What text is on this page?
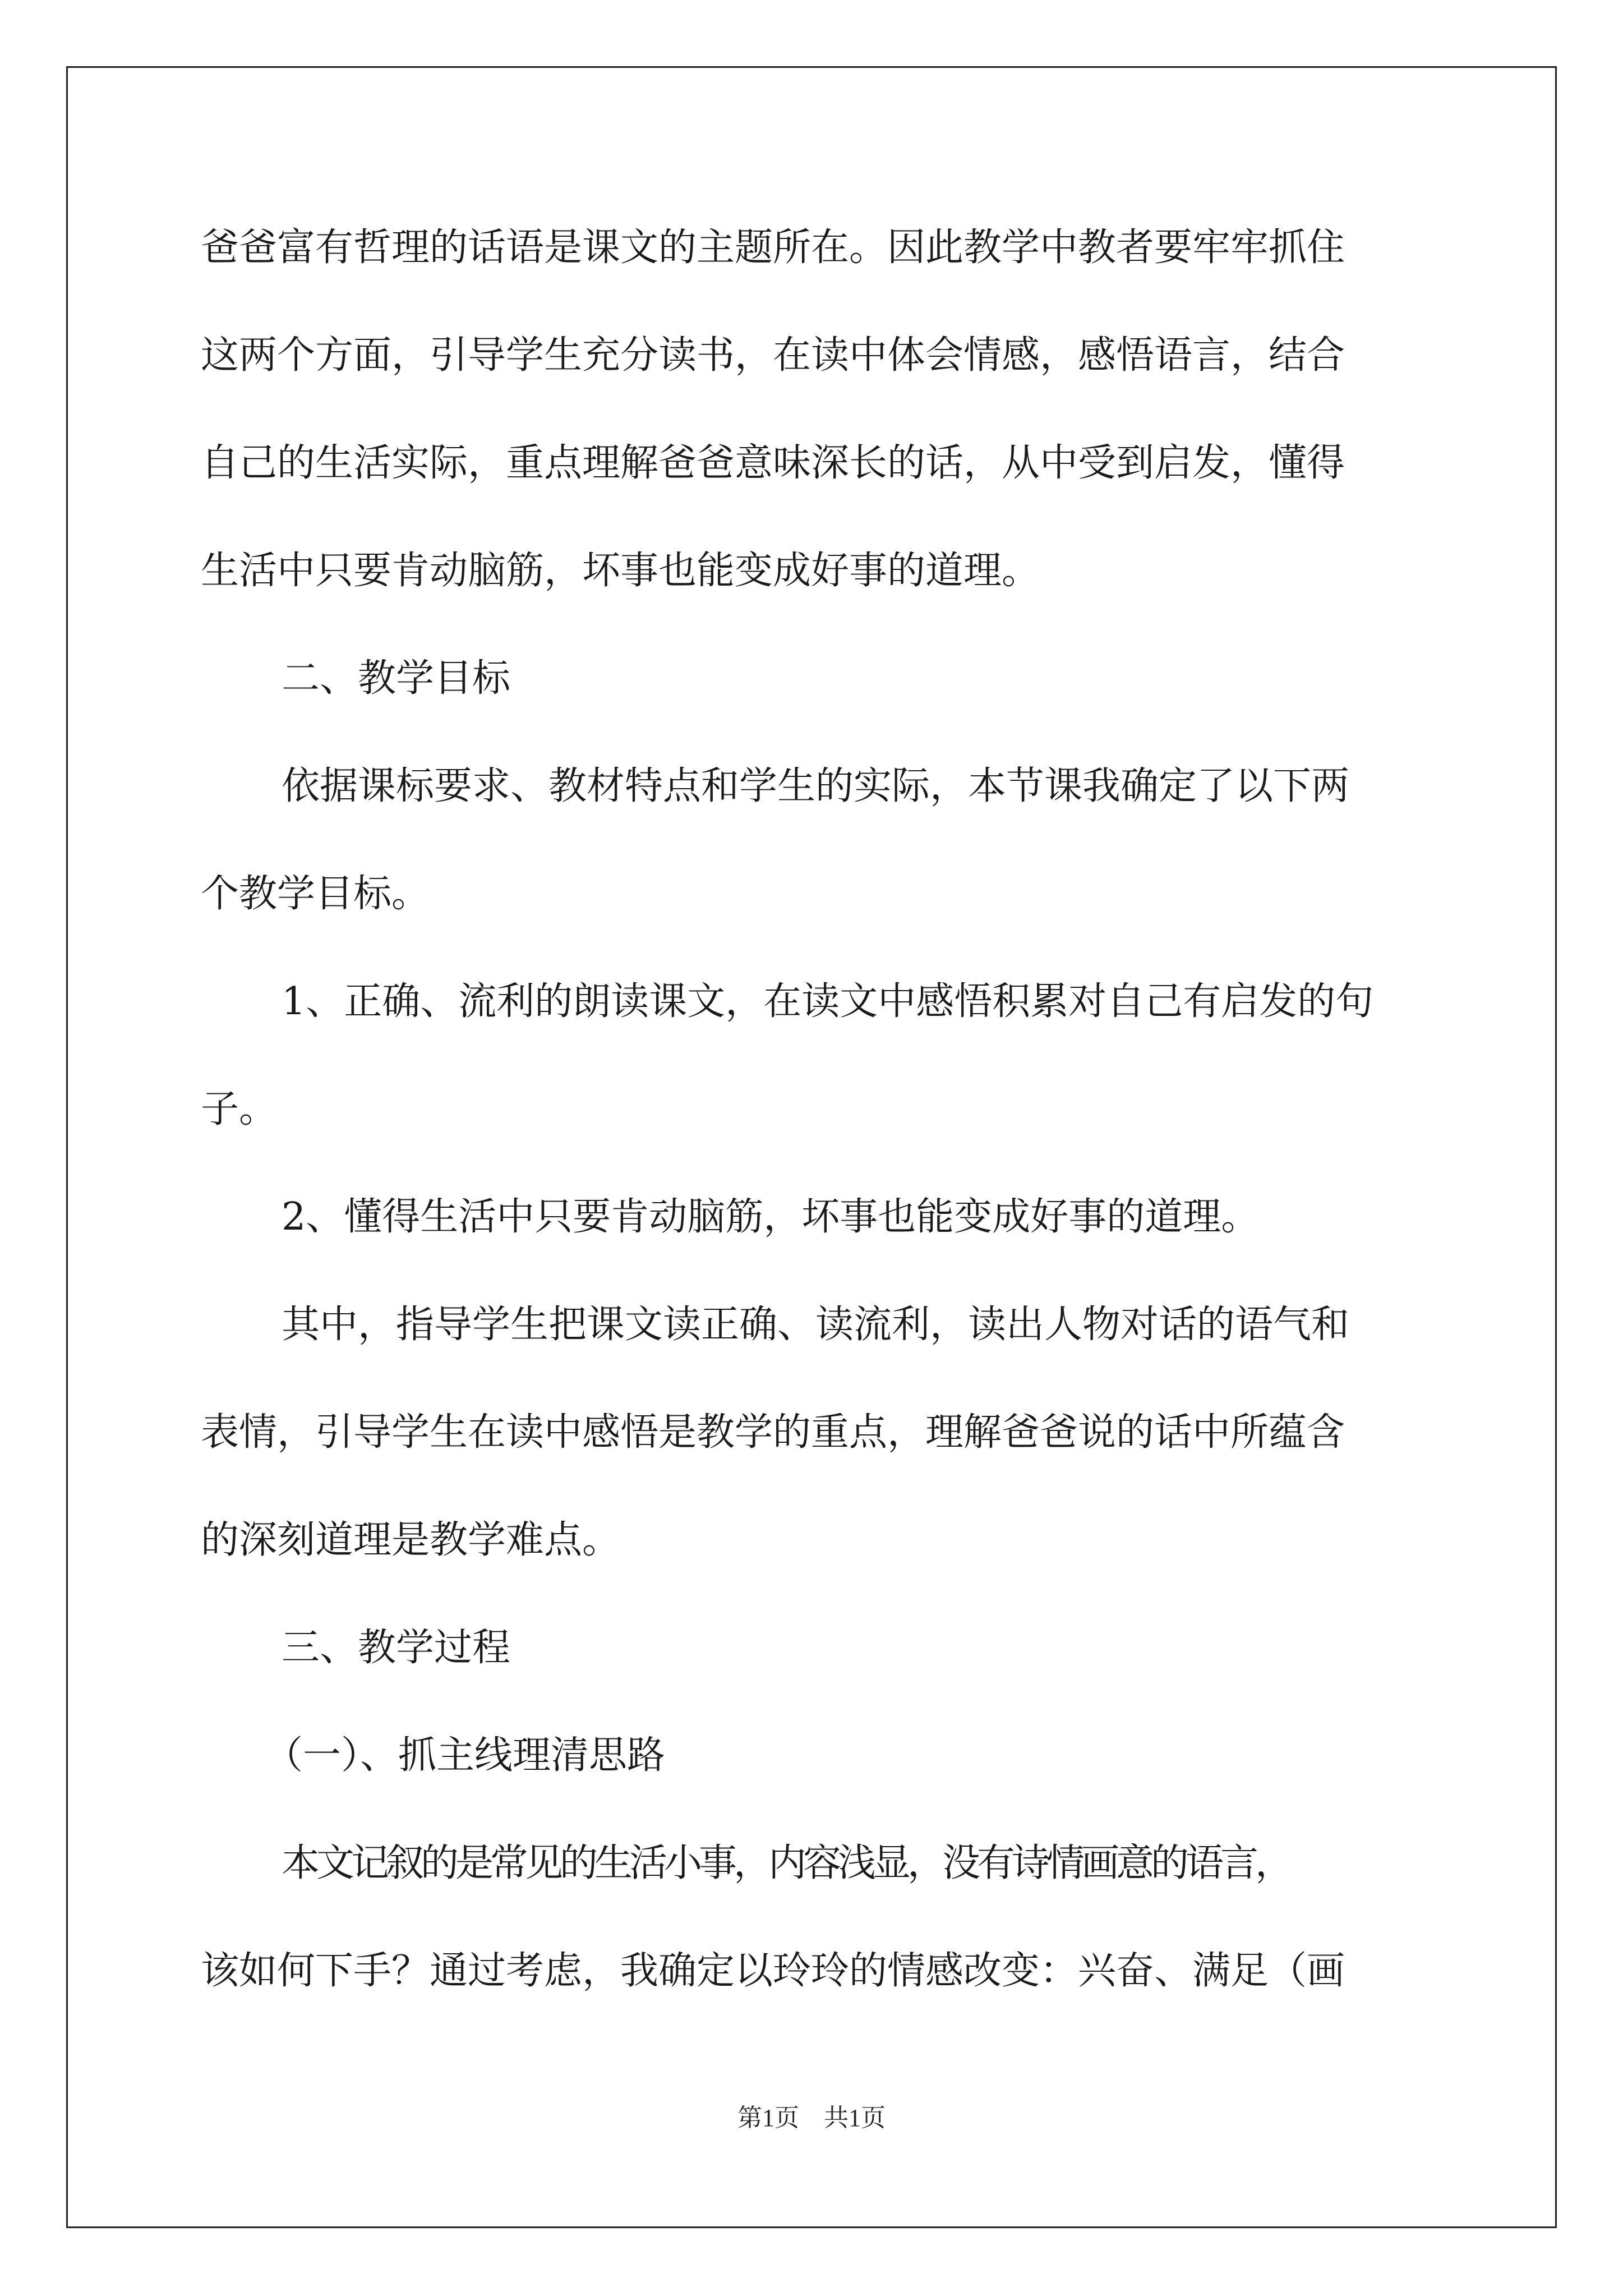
爸爸富有哲理的话语是课文的主题所在。因此教学中教者要牢牢抓住
这两个方面，引导学生充分读书，在读中体会情感，感悟语言，结合
自己的生活实际，重点理解爸爸意味深长的话，从中受到启发，懂得
生活中只要肯动脑筋，坏事也能变成好事的道理。
二、教学目标
依据课标要求、教材特点和学生的实际，本节课我确定了以下两
个教学目标。
1、正确、流利的朗读课文，在读文中感悟积累对自己有启发的句
子。
2、懂得生活中只要肯动脑筋，坏事也能变成好事的道理。
其中，指导学生把课文读正确、读流利，读出人物对话的语气和
表情，引导学生在读中感悟是教学的重点，理解爸爸说的话中所蕴含
的深刻道理是教学难点。
三、教学过程
（一）、抓主线理清思路
本文记叙的是常见的生活小事，内容浅显，没有诗情画意的语言，
该如何下手？通过考虑，我确定以玲玲的情感改变：兴奋、满足（画
第1页　共1页
